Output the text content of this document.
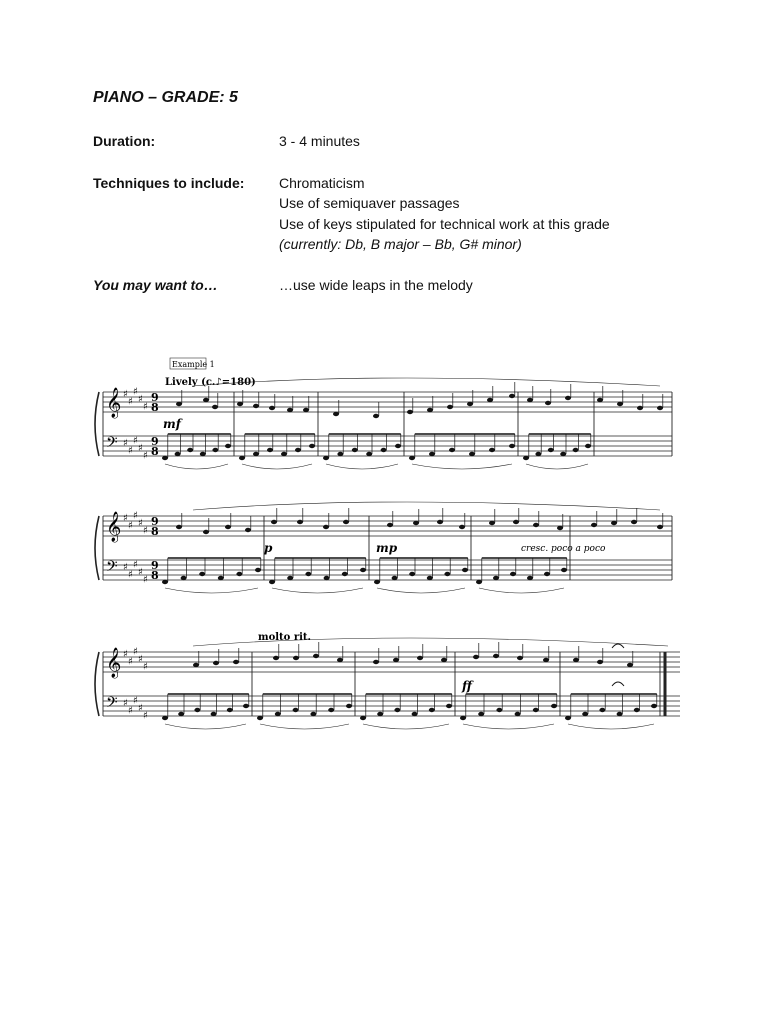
PIANO – GRADE: 5
Duration:	3 - 4 minutes
Techniques to include: Chromaticism
Use of semiquaver passages
Use of keys stipulated for technical work at this grade
(currently: Db, B major – Bb, G# minor)
You may want to…	…use wide leaps in the melody
Example 1
Lively (c.♪=180)
𝄞
𝄢
♯
♯
♯
♯
♯
♯
♯
♯
♯
♯
9
8
9
8
𝄞
𝄢
♯
♯
♯
♯
♯
♯
♯
♯
♯
♯
9
8
9
8
𝄞
𝄢
♯
♯
♯
♯
♯
♯
♯
♯
♯
♯
mf
p	mp	cresc. poco a poco
molto rit.
ff
